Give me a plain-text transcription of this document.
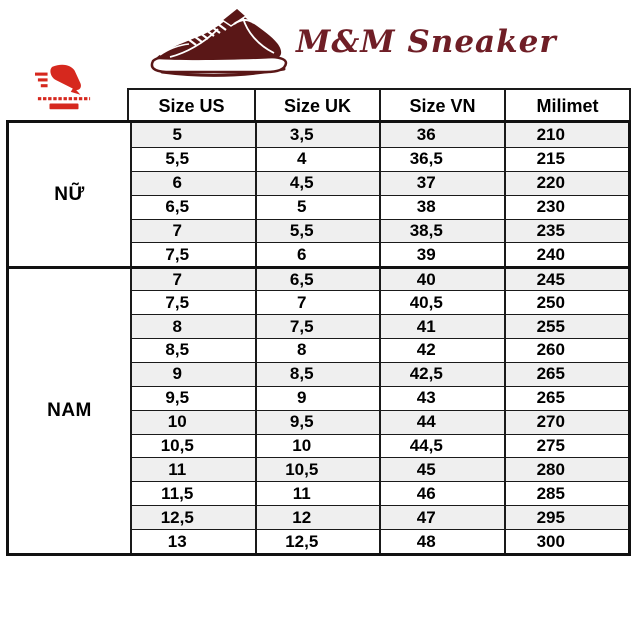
M&M Sneaker
Size US	Size UK	Size VN	Milimet
NỮ
5	3,5	36	210
5,5	4	36,5	215
6	4,5	37	220
6,5	5	38	230
7	5,5	38,5	235
7,5	6	39	240
NAM
7	6,5	40	245
7,5	7	40,5	250
8	7,5	41	255
8,5	8	42	260
9	8,5	42,5	265
9,5	9	43	265
10	9,5	44	270
10,5	10	44,5	275
11	10,5	45	280
11,5	11	46	285
12,5	12	47	295
13	12,5	48	300
